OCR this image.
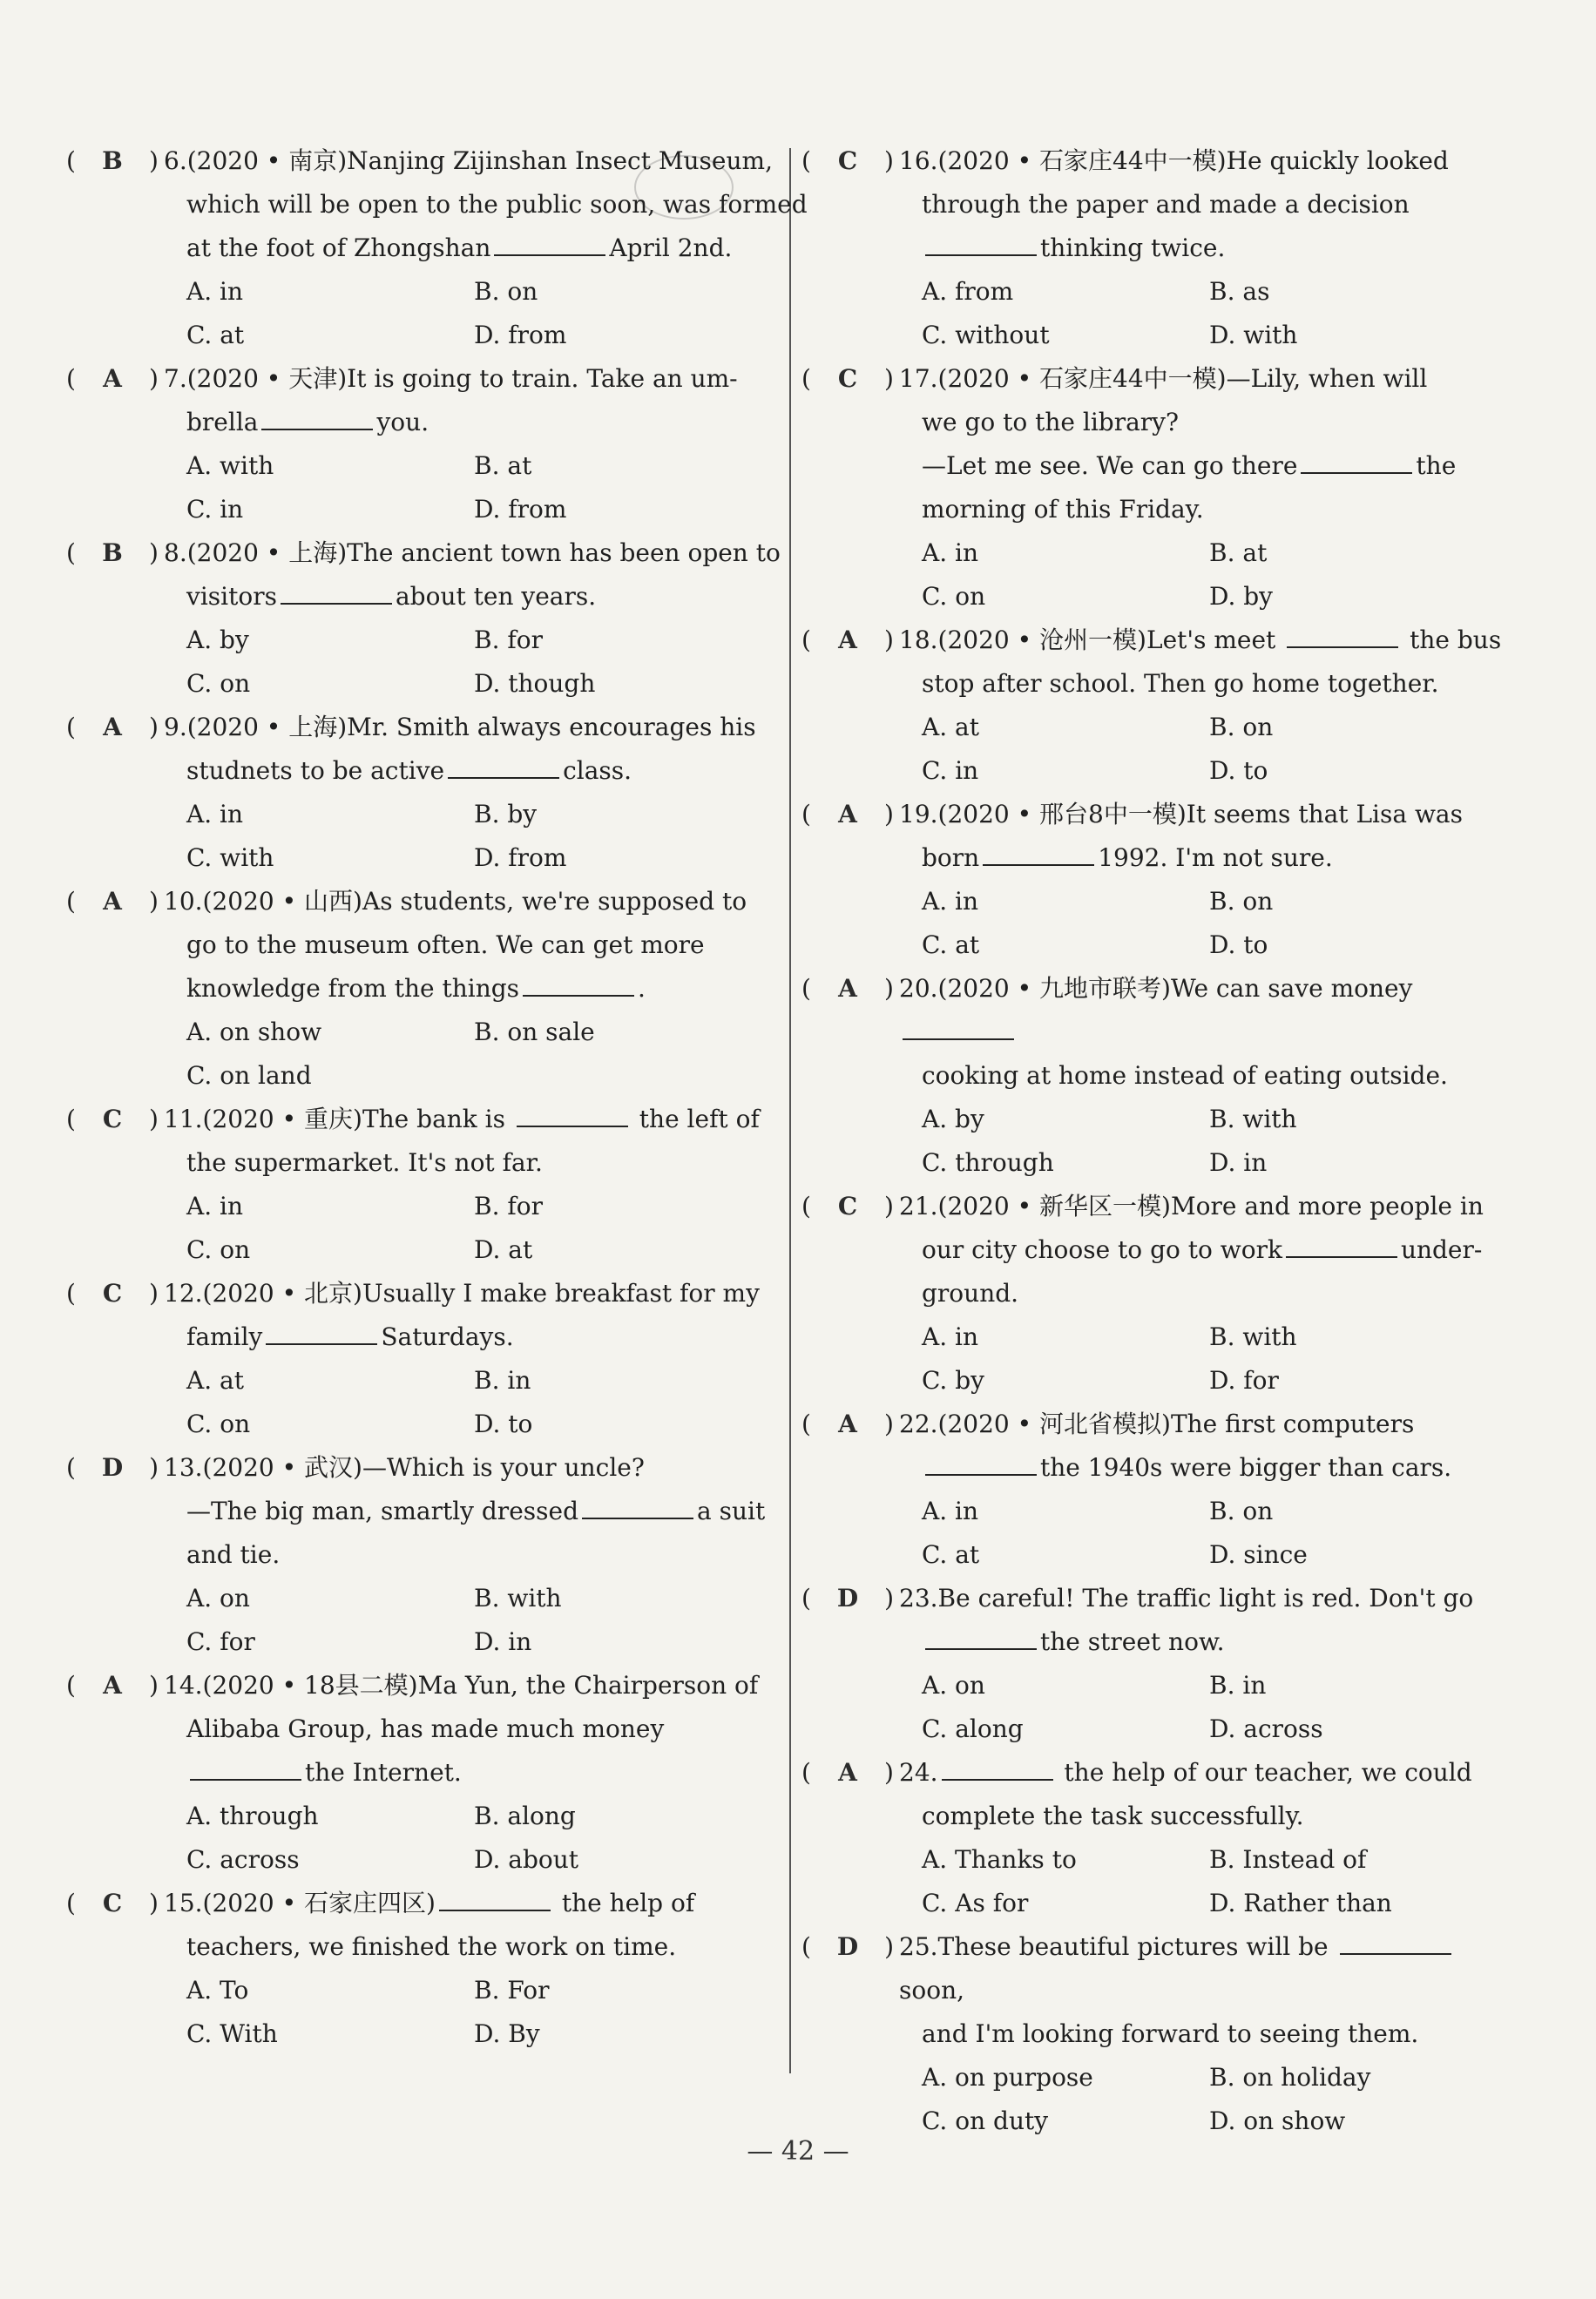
( B ) 6.(2020 • 南京)Nanjing Zijinshan Insect Museum,
which will be open to the public soon, was formed
at the foot of Zhongshan	April 2nd.
A. in	B. on
C. at	D. from
( A ) 7.(2020 • 天津)It is going to train. Take an um-
brella	you.
A. with	B. at
C. in	D. from
( B ) 8.(2020 • 上海)The ancient town has been open to
visitors	about ten years.
A. by	B. for
C. on	D. though
( A ) 9.(2020 • 上海)Mr. Smith always encourages his
studnets to be active	class.
A. in	B. by
C. with	D. from
( A ) 10.(2020 • 山西)As students, we're supposed to
go to the museum often. We can get more
knowledge from the things	.
A. on show	B. on sale
C. on land
( C ) 11.(2020 • 重庆)The bank is	the left of
the supermarket. It's not far.
A. in	B. for
C. on	D. at
( C ) 12.(2020 • 北京)Usually I make breakfast for my
family	Saturdays.
A. at	B. in
C. on	D. to
( D ) 13.(2020 • 武汉)—Which is your uncle?
—The big man, smartly dressed	a suit
and tie.
A. on	B. with
C. for	D. in
( A ) 14.(2020 • 18县二模)Ma Yun, the Chairperson of
Alibaba Group, has made much money
the Internet.
A. through	B. along
C. across	D. about
( C ) 15.(2020 • 石家庄四区)	the help of
teachers, we finished the work on time.
A. To	B. For
C. With	D. By
( C ) 16.(2020 • 石家庄44中一模)He quickly looked
through the paper and made a decision
thinking twice.
A. from	B. as
C. without	D. with
( C ) 17.(2020 • 石家庄44中一模)—Lily, when will
we go to the library?
—Let me see. We can go there	the
morning of this Friday.
A. in	B. at
C. on	D. by
( A ) 18.(2020 • 沧州一模)Let's meet	the bus
stop after school. Then go home together.
A. at	B. on
C. in	D. to
( A ) 19.(2020 • 邢台8中一模)It seems that Lisa was
born	1992. I'm not sure.
A. in	B. on
C. at	D. to
( A ) 20.(2020 • 九地市联考)We can save money
cooking at home instead of eating outside.
A. by	B. with
C. through	D. in
( C ) 21.(2020 • 新华区一模)More and more people in
our city choose to go to work	under-
ground.
A. in	B. with
C. by	D. for
( A ) 22.(2020 • 河北省模拟)The first computers
the 1940s were bigger than cars.
A. in	B. on
C. at	D. since
( D ) 23.Be careful! The traffic light is red. Don't go
the street now.
A. on	B. in
C. along	D. across
( A ) 24.	the help of our teacher, we could
complete the task successfully.
A. Thanks to	B. Instead of
C. As for	D. Rather than
( D ) 25.These beautiful pictures will be  soon,
and I'm looking forward to seeing them.
A. on purpose	B. on holiday
C. on duty	D. on show
— 42 —
